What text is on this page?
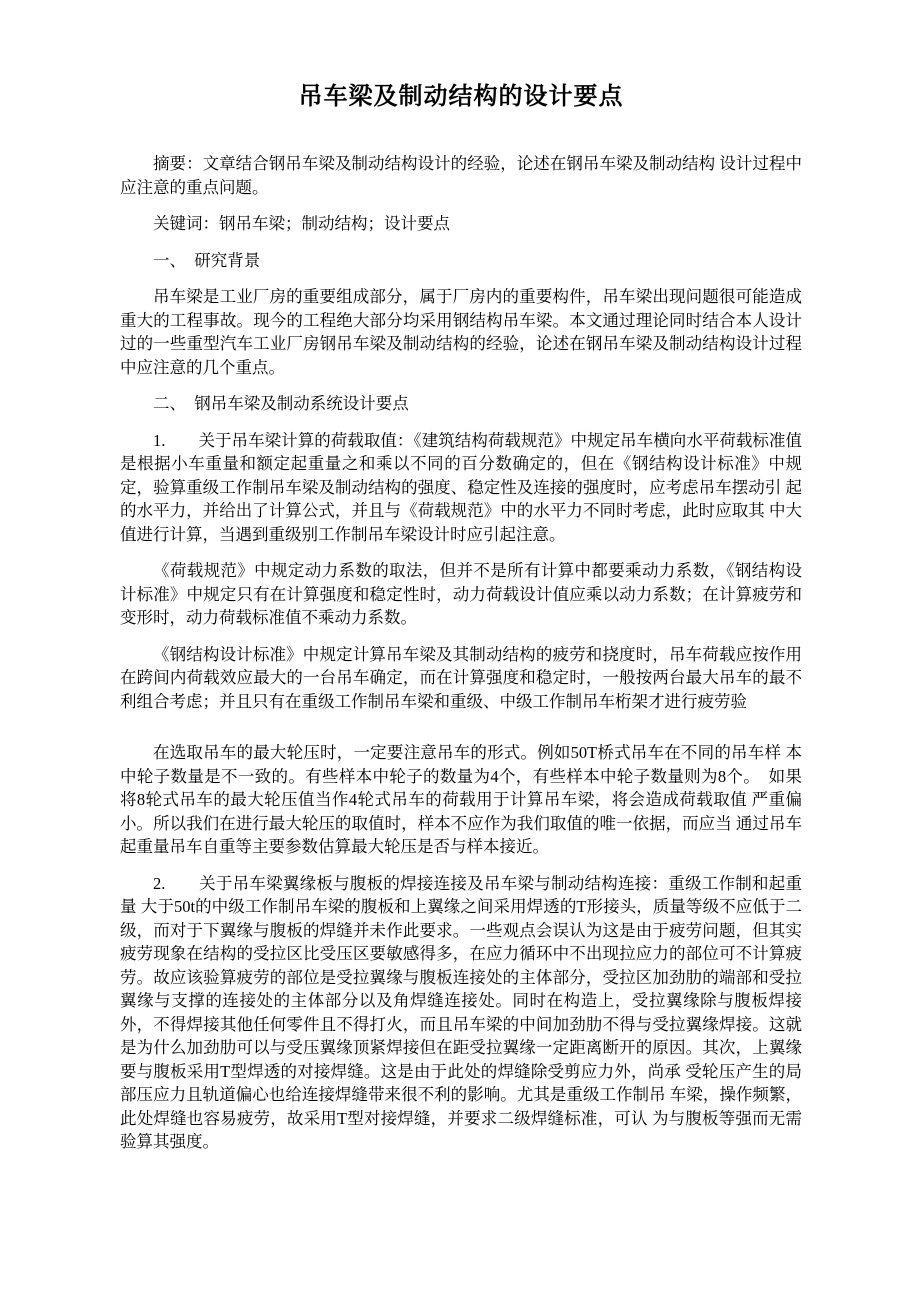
吊车梁及制动结构的设计要点

摘要：文章结合钢吊车梁及制动结构设计的经验，论述在钢吊车梁及制动结构 设计过程中应注意的重点问题。

关键词：钢吊车梁；制动结构；设计要点

一、　研究背景

吊车梁是工业厂房的重要组成部分，属于厂房内的重要构件，吊车梁出现问题很可能造成重大的工程事故。现今的工程绝大部分均采用钢结构吊车梁。本文通过理论同时结合本人设计过的一些重型汽车工业厂房钢吊车梁及制动结构的经验，论述在钢吊车梁及制动结构设计过程中应注意的几个重点。

二、　钢吊车梁及制动系统设计要点

1.　　关于吊车梁计算的荷载取值：《建筑结构荷载规范》中规定吊车横向水平荷载标准值 是根据小车重量和额定起重量之和乘以不同的百分数确定的，但在《钢结构设计标准》中规 定，验算重级工作制吊车梁及制动结构的强度、稳定性及连接的强度时，应考虑吊车摆动引 起的水平力，并给出了计算公式，并且与《荷载规范》中的水平力不同时考虑，此时应取其 中大值进行计算，当遇到重级别工作制吊车梁设计时应引起注意。

《荷载规范》中规定动力系数的取法，但并不是所有计算中都要乘动力系数，《钢结构设计标准》中规定只有在计算强度和稳定性时，动力荷载设计值应乘以动力系数；在计算疲劳和变形时，动力荷载标准值不乘动力系数。

《钢结构设计标准》中规定计算吊车梁及其制动结构的疲劳和挠度时，吊车荷载应按作用在跨间内荷载效应最大的一台吊车确定，而在计算强度和稳定时，一般按两台最大吊车的最不利组合考虑；并且只有在重级工作制吊车梁和重级、中级工作制吊车桁架才进行疲劳验

在选取吊车的最大轮压时，一定要注意吊车的形式。例如50T桥式吊车在不同的吊车样 本中轮子数量是不一致的。有些样本中轮子的数量为4个，有些样本中轮子数量则为8个。　如果将8轮式吊车的最大轮压值当作4轮式吊车的荷载用于计算吊车梁，将会造成荷载取值 严重偏小。所以我们在进行最大轮压的取值时，样本不应作为我们取值的唯一依据，而应当 通过吊车起重量吊车自重等主要参数估算最大轮压是否与样本接近。

2.　　关于吊车梁翼缘板与腹板的焊接连接及吊车梁与制动结构连接：重级工作制和起重量 大于50t的中级工作制吊车梁的腹板和上翼缘之间采用焊透的T形接头，质量等级不应低于二级，而对于下翼缘与腹板的焊缝并未作此要求。一些观点会误认为这是由于疲劳问题，但其实疲劳现象在结构的受拉区比受压区要敏感得多，在应力循环中不出现拉应力的部位可不计算疲劳。故应该验算疲劳的部位是受拉翼缘与腹板连接处的主体部分，受拉区加劲肋的端部和受拉翼缘与支撑的连接处的主体部分以及角焊缝连接处。同时在构造上，受拉翼缘除与腹板焊接外，不得焊接其他任何零件且不得打火，而且吊车梁的中间加劲肋不得与受拉翼缘焊接。这就是为什么加劲肋可以与受压翼缘顶紧焊接但在距受拉翼缘一定距离断开的原因。其次，上翼缘要与腹板采用T型焊透的对接焊缝。这是由于此处的焊缝除受剪应力外，尚承 受轮压产生的局部压应力且轨道偏心也给连接焊缝带来很不利的影响。尤其是重级工作制吊 车梁，操作频繁，此处焊缝也容易疲劳，故采用T型对接焊缝，并要求二级焊缝标准，可认 为与腹板等强而无需验算其强度。
